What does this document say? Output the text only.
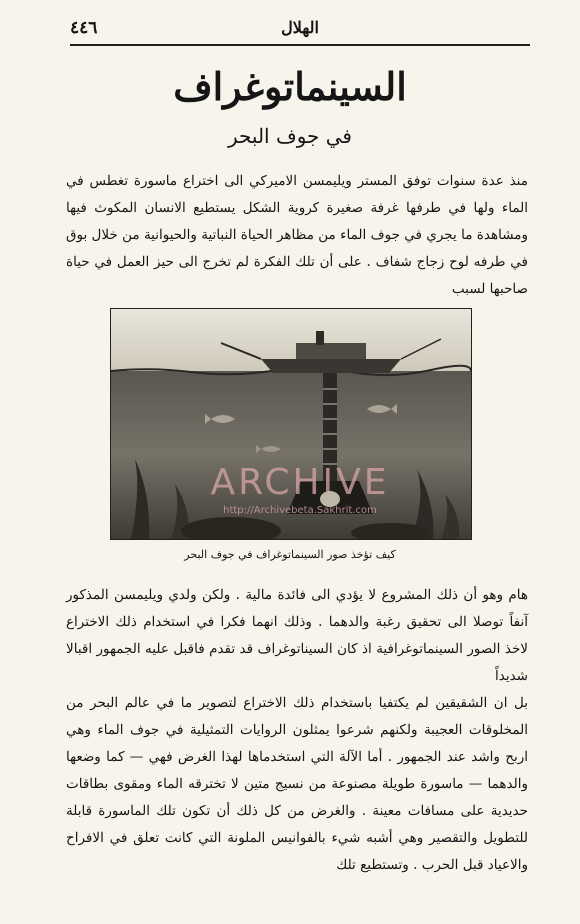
٤٤٦	الهلال
السينماتوغراف
في جوف البحر

منذ عدة سنوات توفق المستر ويليمسن الاميركي الى اختراع ماسورة تغطس في الماء ولها في طرفها غرفة صغيرة كروية الشكل يستطيع الانسان المكوث فيها ومشاهدة ما يجري في جوف الماء من مظاهر الحياة النباتية والحيوانية من خلال بوق في طرفه لوح زجاج شفاف . على أن تلك الفكرة لم تخرج الى حيز العمل في حياة صاحبها لسبب

ARCHIVE
http://Archivebeta.Sakhrit.com
كيف تؤخذ صور السينماتوغراف في جوف البحر

هام وهو أن ذلك المشروع لا يؤدي الى فائدة مالية . ولكن ولدي ويليمسن المذكور آنفاً توصلا الى تحقيق رغبة والدهما . وذلك انهما فكرا في استخدام ذلك الاختراع لاخذ الصور السينماتوغرافية اذ كان السيناتوغراف قد تقدم فاقبل عليه الجمهور اقبالا شديداً

بل ان الشقيقين لم يكتفيا باستخدام ذلك الاختراع لتصوير ما في عالم البحر من المخلوقات العجيبة ولكنهم شرعوا يمثلون الروايات التمثيلية في جوف الماء وهي اربح واشد عند الجمهور . أما الآلة التي استخدماها لهذا الغرض فهي — كما وضعها والدهما — ماسورة طويلة مصنوعة من نسيج متين لا تخترقه الماء ومقوى بطاقات حديدية على مسافات معينة . والغرض من كل ذلك أن تكون تلك الماسورة قابلة للتطويل والتقصير وهي أشبه شيء بالفوانيس الملونة التي كانت تعلق في الافراح والاعياد قبل الحرب . وتستطيع تلك
